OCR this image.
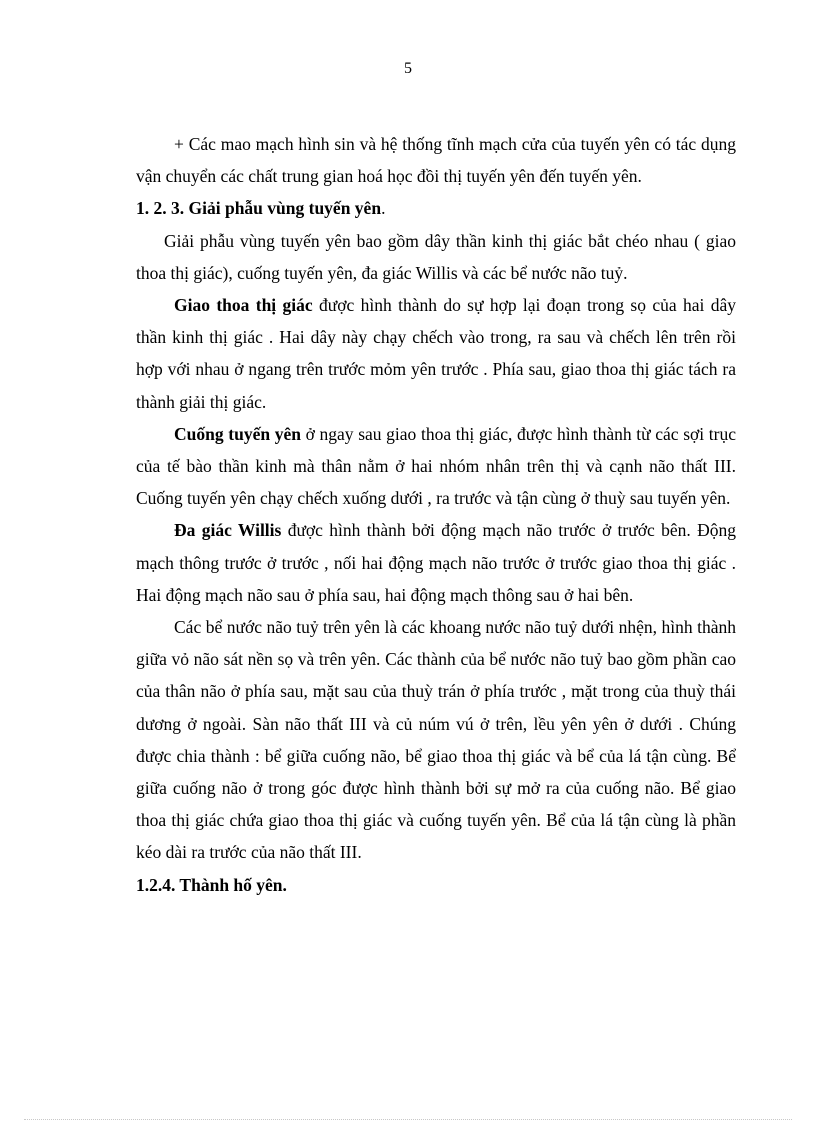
5

+ Các mao mạch hình sin và hệ thống tĩnh mạch cửa của tuyến yên có tác dụng vận chuyển các chất trung gian hoá học đồi thị tuyến yên đến tuyến yên.

1. 2. 3. Giải phẫu vùng tuyến yên.

Giải phẫu vùng tuyến yên bao gồm dây thần kinh thị giác bắt chéo nhau ( giao thoa thị giác), cuống tuyến yên, đa giác Willis và các bể nước não tuỷ.

Giao thoa thị giác được hình thành do sự hợp lại đoạn trong sọ của hai dây thần kinh thị giác . Hai dây này chạy chếch vào trong, ra sau và chếch lên trên rồi hợp với nhau ở ngang trên trước mỏm yên trước . Phía sau, giao thoa thị giác tách ra thành giải thị giác.

Cuống tuyến yên ở ngay sau giao thoa thị giác, được hình thành từ các sợi trục của tế bào thần kinh mà thân nằm ở hai nhóm nhân trên thị và cạnh não thất III. Cuống tuyến yên chạy chếch xuống dưới , ra trước và tận cùng ở thuỳ sau tuyến yên.

Đa giác Willis được hình thành bởi động mạch não trước ở trước bên. Động mạch thông trước ở trước , nối hai động mạch não trước ở trước giao thoa thị giác . Hai động mạch não sau ở phía sau, hai động mạch thông sau ở hai bên.

Các bể nước não tuỷ trên yên là các khoang nước não tuỷ dưới nhện, hình thành giữa vỏ não sát nền sọ và trên yên. Các thành của bể nước não tuỷ bao gồm phần cao của thân não ở phía sau, mặt sau của thuỳ trán ở phía trước , mặt trong của thuỳ thái dương ở ngoài. Sàn não thất III và củ núm vú ở trên, lều yên yên ở dưới . Chúng được chia thành : bể giữa cuống não, bể giao thoa thị giác và bể của lá tận cùng. Bể giữa cuống não ở trong góc được hình thành bởi sự mở ra của cuống não. Bể giao thoa thị giác chứa giao thoa thị giác và cuống tuyến yên. Bể của lá tận cùng là phần kéo dài ra trước của não thất III.

1.2.4. Thành hố yên.
